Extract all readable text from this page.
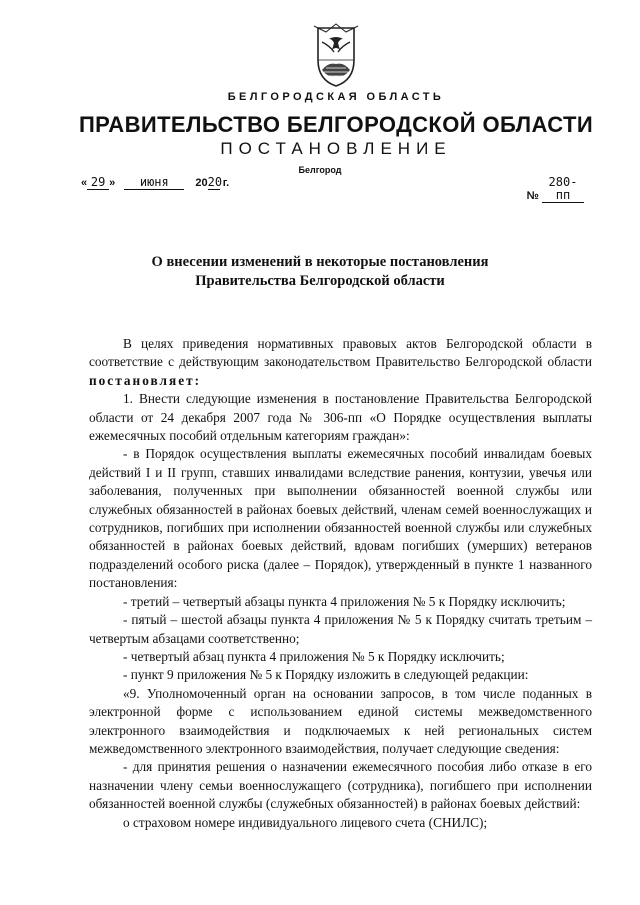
БЕЛГОРОДСКАЯ ОБЛАСТЬ
ПРАВИТЕЛЬСТВО БЕЛГОРОДСКОЙ ОБЛАСТИ
ПОСТАНОВЛЕНИЕ
Белгород
« 29 » июня 2020 г.
№ 280-пп
О внесении изменений в некоторые постановления
Правительства Белгородской области

В целях приведения нормативных правовых актов Белгородской области в соответствие с действующим законодательством Правительство Белгородской области постановляет:

1. Внести следующие изменения в постановление Правительства Белгородской области от 24 декабря 2007 года № 306-пп «О Порядке осуществления выплаты ежемесячных пособий отдельным категориям граждан»:

- в Порядок осуществления выплаты ежемесячных пособий инвалидам боевых действий I и II групп, ставших инвалидами вследствие ранения, контузии, увечья или заболевания, полученных при выполнении обязанностей военной службы или служебных обязанностей в районах боевых действий, членам семей военнослужащих и сотрудников, погибших при исполнении обязанностей военной службы или служебных обязанностей в районах боевых действий, вдовам погибших (умерших) ветеранов подразделений особого риска (далее – Порядок), утвержденный в пункте 1 названного постановления:

- третий – четвертый абзацы пункта 4 приложения № 5 к Порядку исключить;

- пятый – шестой абзацы пункта 4 приложения № 5 к Порядку считать третьим – четвертым абзацами соответственно;

- четвертый абзац пункта 4 приложения № 5 к Порядку исключить;

- пункт 9 приложения № 5 к Порядку изложить в следующей редакции:

«9. Уполномоченный орган на основании запросов, в том числе поданных в электронной форме с использованием единой системы межведомственного электронного взаимодействия и подключаемых к ней региональных систем межведомственного электронного взаимодействия, получает следующие сведения:

- для принятия решения о назначении ежемесячного пособия либо отказе в его назначении члену семьи военнослужащего (сотрудника), погибшего при исполнении обязанностей военной службы (служебных обязанностей) в районах боевых действий:

о страховом номере индивидуального лицевого счета (СНИЛС);
